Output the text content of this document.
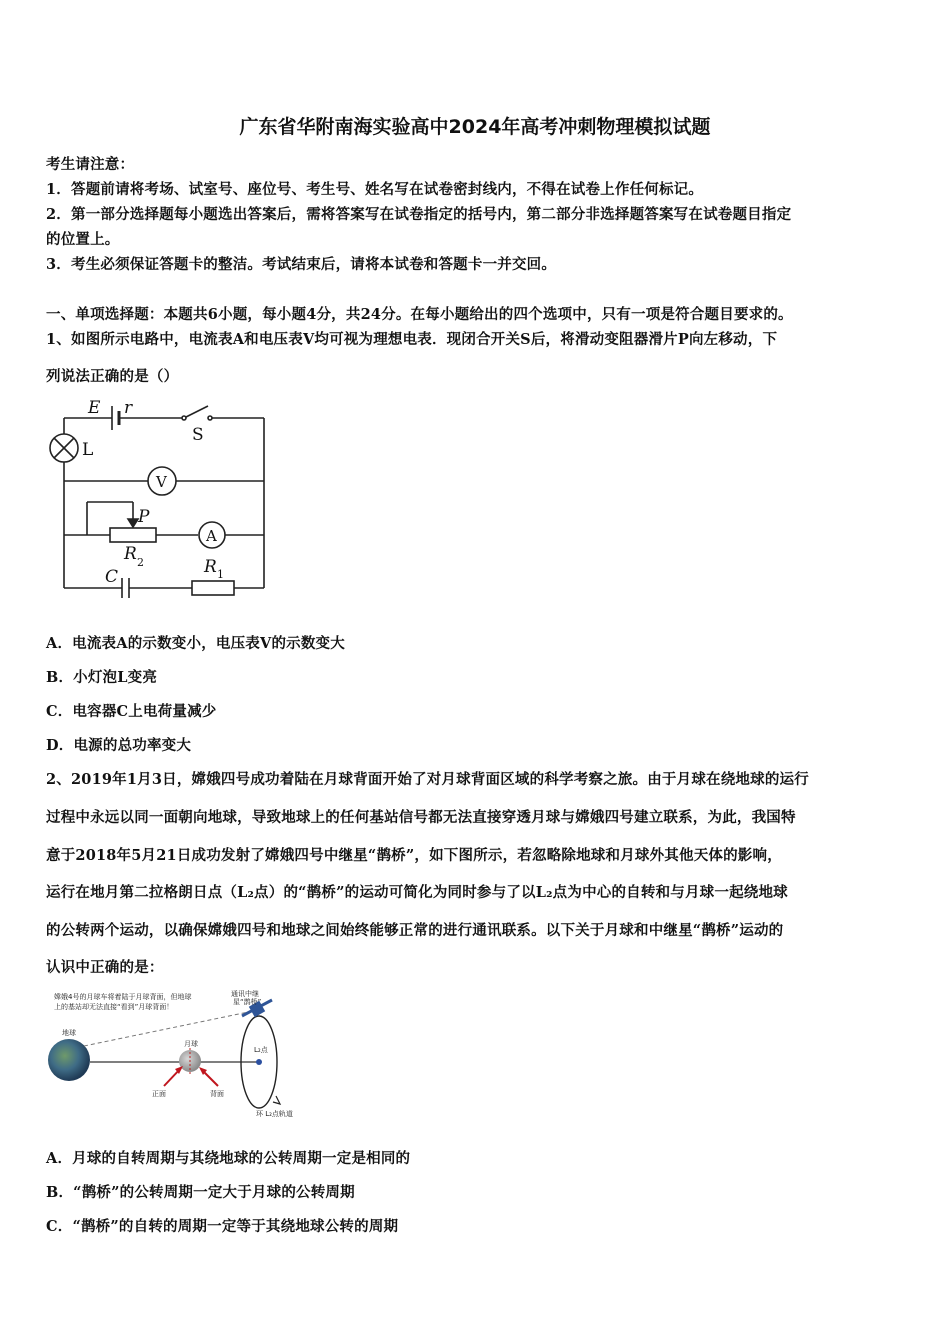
广东省华附南海实验高中2024年高考冲刺物理模拟试题
考生请注意：
1．答题前请将考场、试室号、座位号、考生号、姓名写在试卷密封线内，不得在试卷上作任何标记。
2．第一部分选择题每小题选出答案后，需将答案写在试卷指定的括号内，第二部分非选择题答案写在试卷题目指定
的位置上。
3．考生必须保证答题卡的整洁。考试结束后，请将本试卷和答题卡一并交回。
一、单项选择题：本题共6小题，每小题4分，共24分。在每小题给出的四个选项中，只有一项是符合题目要求的。
1、如图所示电路中，电流表A和电压表V均可视为理想电表．现闭合开关S后，将滑动变阻器滑片P向左移动，下
列说法正确的是（）
E r
S
L
V
P
A
R 2
C	R 1
A．电流表A的示数变小，电压表V的示数变大
B．小灯泡L变亮
C．电容器C上电荷量减少
D．电源的总功率变大
2、2019年1月3日，嫦娥四号成功着陆在月球背面开始了对月球背面区域的科学考察之旅。由于月球在绕地球的运行
过程中永远以同一面朝向地球，导致地球上的任何基站信号都无法直接穿透月球与嫦娥四号建立联系，为此，我国特
意于2018年5月21日成功发射了嫦娥四号中继星“鹊桥”，如下图所示，若忽略除地球和月球外其他天体的影响，
运行在地月第二拉格朗日点（L₂点）的“鹊桥”的运动可简化为同时参与了以L₂点为中心的自转和与月球一起绕地球
的公转两个运动，以确保嫦娥四号和地球之间始终能够正常的进行通讯联系。以下关于月球和中继星“鹊桥”运动的
认识中正确的是：
嫦娥4号的月球车将着陆于月球背面，但地球
上的基站却无法直接“看到”月球背面！
通讯中继
星“鹊桥”
地球
月球
L₂点
正面	背面
环 L₂点轨道
A．月球的自转周期与其绕地球的公转周期一定是相同的
B．“鹊桥”的公转周期一定大于月球的公转周期
C．“鹊桥”的自转的周期一定等于其绕地球公转的周期
